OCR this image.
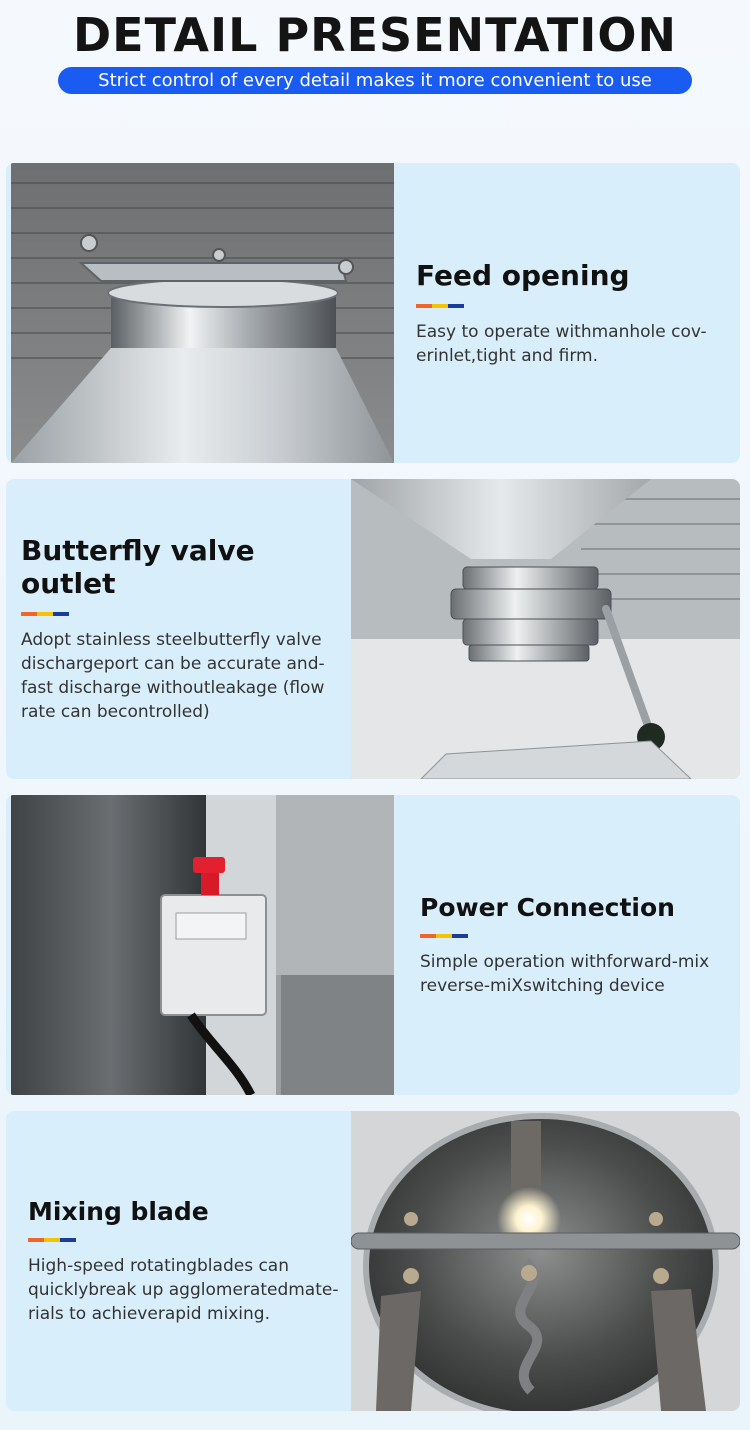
DETAIL PRESENTATION
Strict control of every detail makes it more convenient to use
Feed opening

Easy to operate withmanhole cov-
erinlet,tight and firm.

Butterfly valve outlet

Adopt stainless steelbutterfly valve
dischargeport can be accurate and-
fast discharge withoutleakage (flow
rate can becontrolled)

Power Connection

Simple operation withforward-mix
reverse-miXswitching device

Mixing blade

High-speed rotatingblades can
quicklybreak up agglomeratedmate-
rials to achieverapid mixing.
